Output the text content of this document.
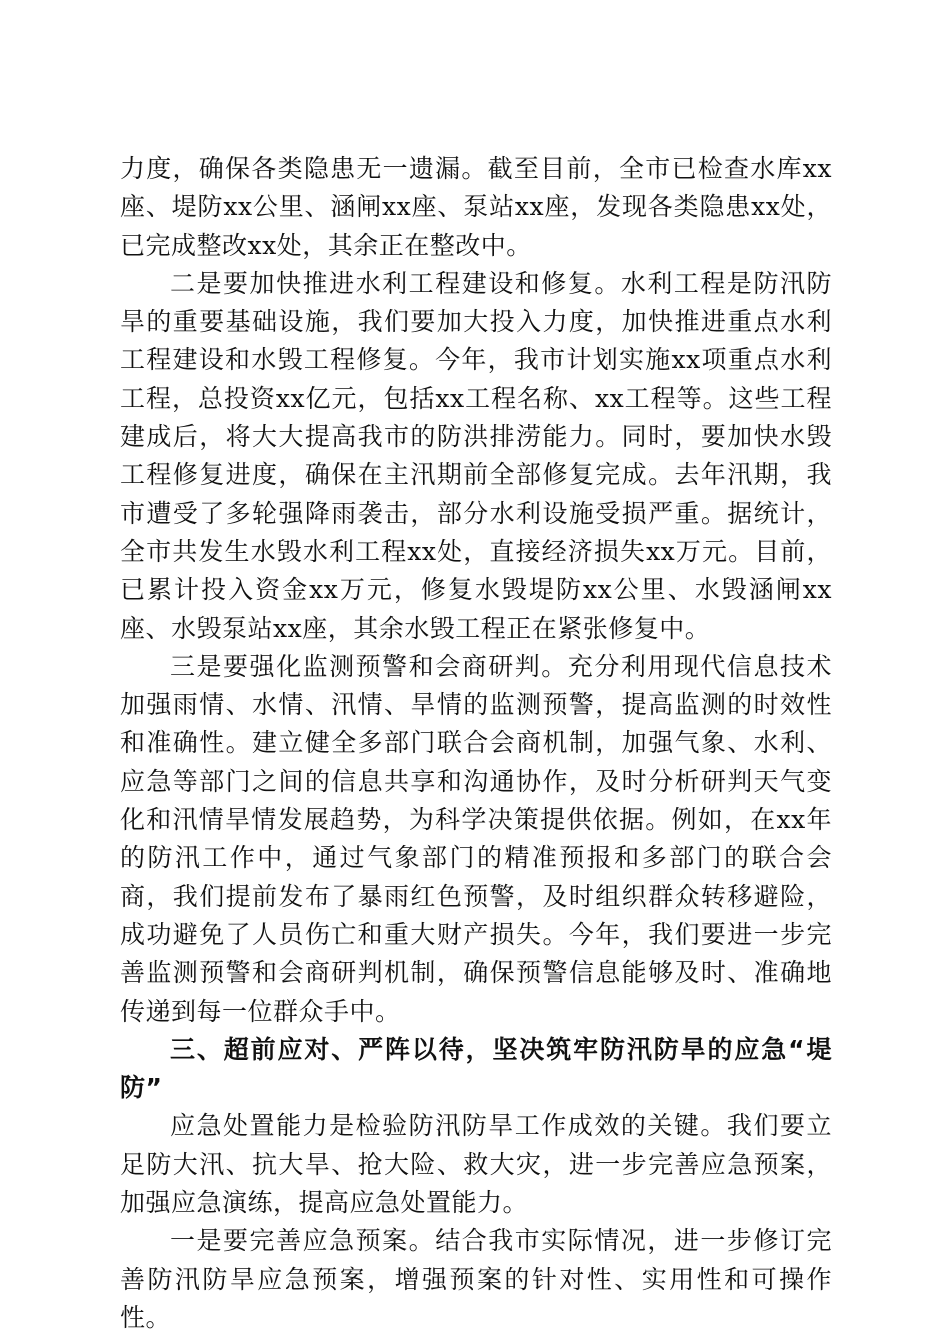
力度，确保各类隐患无一遗漏。截至目前，全市已检查水库xx座、堤防xx公里、涵闸xx座、泵站xx座，发现各类隐患xx处，已完成整改xx处，其余正在整改中。

二是要加快推进水利工程建设和修复。水利工程是防汛防旱的重要基础设施，我们要加大投入力度，加快推进重点水利工程建设和水毁工程修复。今年，我市计划实施xx项重点水利工程，总投资xx亿元，包括xx工程名称、xx工程等。这些工程建成后，将大大提高我市的防洪排涝能力。同时，要加快水毁工程修复进度，确保在主汛期前全部修复完成。去年汛期，我市遭受了多轮强降雨袭击，部分水利设施受损严重。据统计，全市共发生水毁水利工程xx处，直接经济损失xx万元。目前，已累计投入资金xx万元，修复水毁堤防xx公里、水毁涵闸xx座、水毁泵站xx座，其余水毁工程正在紧张修复中。

三是要强化监测预警和会商研判。充分利用现代信息技术加强雨情、水情、汛情、旱情的监测预警，提高监测的时效性和准确性。建立健全多部门联合会商机制，加强气象、水利、应急等部门之间的信息共享和沟通协作，及时分析研判天气变化和汛情旱情发展趋势，为科学决策提供依据。例如，在xx年的防汛工作中，通过气象部门的精准预报和多部门的联合会商，我们提前发布了暴雨红色预警，及时组织群众转移避险，成功避免了人员伤亡和重大财产损失。今年，我们要进一步完善监测预警和会商研判机制，确保预警信息能够及时、准确地传递到每一位群众手中。

三、超前应对、严阵以待，坚决筑牢防汛防旱的应急“堤防”

应急处置能力是检验防汛防旱工作成效的关键。我们要立足防大汛、抗大旱、抢大险、救大灾，进一步完善应急预案，加强应急演练，提高应急处置能力。

一是要完善应急预案。结合我市实际情况，进一步修订完善防汛防旱应急预案，增强预案的针对性、实用性和可操作性。
